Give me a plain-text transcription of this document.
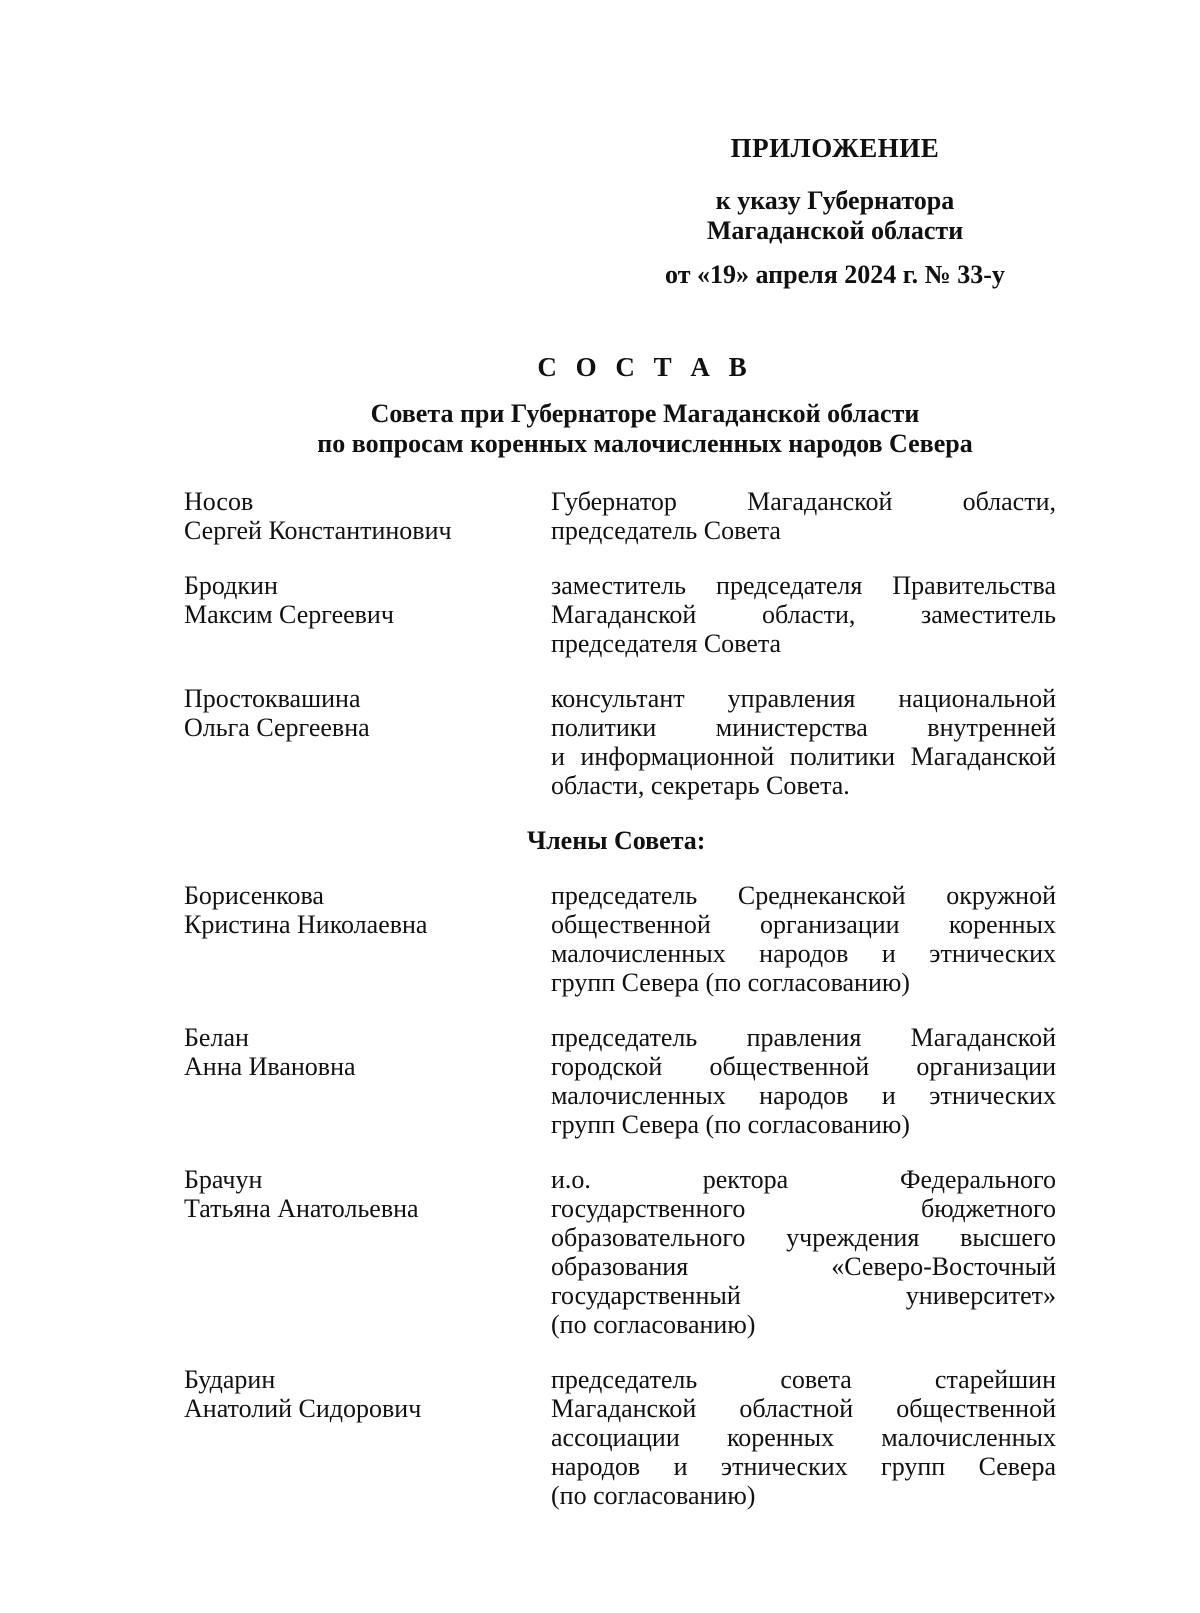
ПРИЛОЖЕНИЕ
к указу Губернатора
Магаданской области
от «19» апреля 2024 г. № 33-у
С О С Т А В
Совета при Губернаторе Магаданской области
по вопросам коренных малочисленных народов Севера
Носов
Сергей Константинович
Губернатор Магаданской области,
председатель Совета
Бродкин
Максим Сергеевич
заместитель председателя Правительства
Магаданской области, заместитель
председателя Совета
Простоквашина
Ольга Сергеевна
консультант управления национальной
политики министерства внутренней
и информационной политики Магаданской
области, секретарь Совета.
Члены Совета:
Борисенкова
Кристина Николаевна
председатель Среднеканской окружной
общественной организации коренных
малочисленных народов и этнических
групп Севера (по согласованию)
Белан
Анна Ивановна
председатель правления Магаданской
городской общественной организации
малочисленных народов и этнических
групп Севера (по согласованию)
Брачун
Татьяна Анатольевна
и.о. ректора Федерального
государственного бюджетного
образовательного учреждения высшего
образования «Северо-Восточный
государственный университет»
(по согласованию)
Бударин
Анатолий Сидорович
председатель совета старейшин
Магаданской областной общественной
ассоциации коренных малочисленных
народов и этнических групп Севера
(по согласованию)
